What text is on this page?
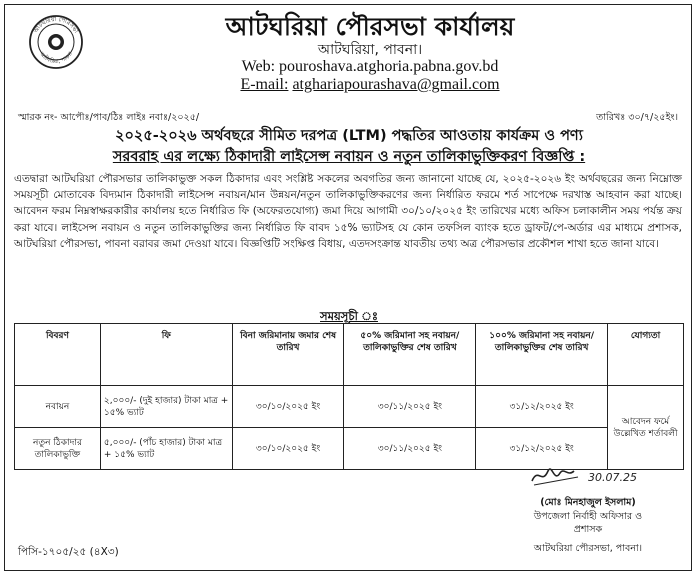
আটঘরিয়া পৌরসভা
আটঘরিয়া, পাবনা
আটঘরিয়া পৌরসভা কার্যালয়
আটঘরিয়া, পাবনা।
Web: pouroshava.atghoria.pabna.gov.bd
E-mail: atghariapourashava@gmail.com
স্মারক নং- আপৌঃ/পাব/ঠিঃ লাইঃ নবাঃ/২০২৫/	তারিখঃ ৩০/৭/২৫ইং।
২০২৫-২০২৬ অর্থবছরে সীমিত দরপত্র (LTM) পদ্ধতির আওতায় কার্যক্রম ও পণ্য
সরবরাহ এর লক্ষ্যে ঠিকাদারী লাইসেন্স নবায়ন ও নতুন তালিকাভুক্তিকরণ বিজ্ঞপ্তি :
এতদ্বারা আটঘরিয়া পৌরসভার তালিকাভুক্ত সকল ঠিকাদার এবং সংশ্লিষ্ট সকলের অবগতির জন্য জানানো যাচ্ছে যে, ২০২৫-২০২৬ ইং অর্থবছরের জন্য নিম্নোক্ত সময়সূচী মোতাবেক বিদ্যমান ঠিকাদারী লাইসেন্স নবায়ন/মান উন্নয়ন/নতুন তালিকাভুক্তিকরণের জন্য নির্ধারিত ফরমে শর্ত সাপেক্ষে দরখাস্ত আহবান করা যাচ্ছে। আবেদন ফরম নিম্নস্বাক্ষরকারীর কার্যালয় হতে নির্ধারিত ফি (অফেরতযোগ্য) জমা দিয়ে আগামী ৩০/১০/২০২৫ ইং তারিখের মধ্যে অফিস চলাকালীন সময় পর্যন্ত ক্রয় করা যাবে। লাইসেন্স নবায়ন ও নতুন তালিকাভুক্তির জন্য নির্ধারিত ফি বাবদ ১৫% ভ্যাটসহ যে কোন তফসিল ব্যাংক হতে ড্রাফট/পে-অর্ডার এর মাধ্যমে প্রশাসক, আটঘরিয়া পৌরসভা, পাবনা বরাবর জমা দেওয়া যাবে। বিজ্ঞপ্তিটি সংক্ষিপ্ত বিধায়, এতদসংক্রান্ত যাবতীয় তথ্য অত্র পৌরসভার প্রকৌশল শাখা হতে জানা যাবে।
সময়সূচী ঃ
বিবরণ	ফি	বিনা জরিমানায় জমার শেষ তারিখ	৫০% জরিমানা সহ নবায়ন/তালিকাভুক্তির শেষ তারিখ	১০০% জরিমানা সহ নবায়ন/তালিকাভুক্তির শেষ তারিখ	যোগ্যতা
নবায়ন	২,০০০/- (দুই হাজার) টাকা মাত্র + ১৫% ভ্যাট	৩০/১০/২০২৫ ইং	৩০/১১/২০২৫ ইং	৩১/১২/২০২৫ ইং	আবেদন ফর্মে উল্লেখিত শর্তাবলী
নতুন ঠিকাদার তালিকাভুক্তি	৫,০০০/- (পাঁচ হাজার) টাকা মাত্র + ১৫% ভ্যাট	৩০/১০/২০২৫ ইং	৩০/১১/২০২৫ ইং	৩১/১২/২০২৫ ইং	
30.07.25
(মোঃ মিনহাজুল ইসলাম)
উপজেলা নির্বাহী অফিসার ও
প্রশাসক
আটঘরিয়া পৌরসভা, পাবনা।
পিসি-১৭০৫/২৫ (৪X৩)
